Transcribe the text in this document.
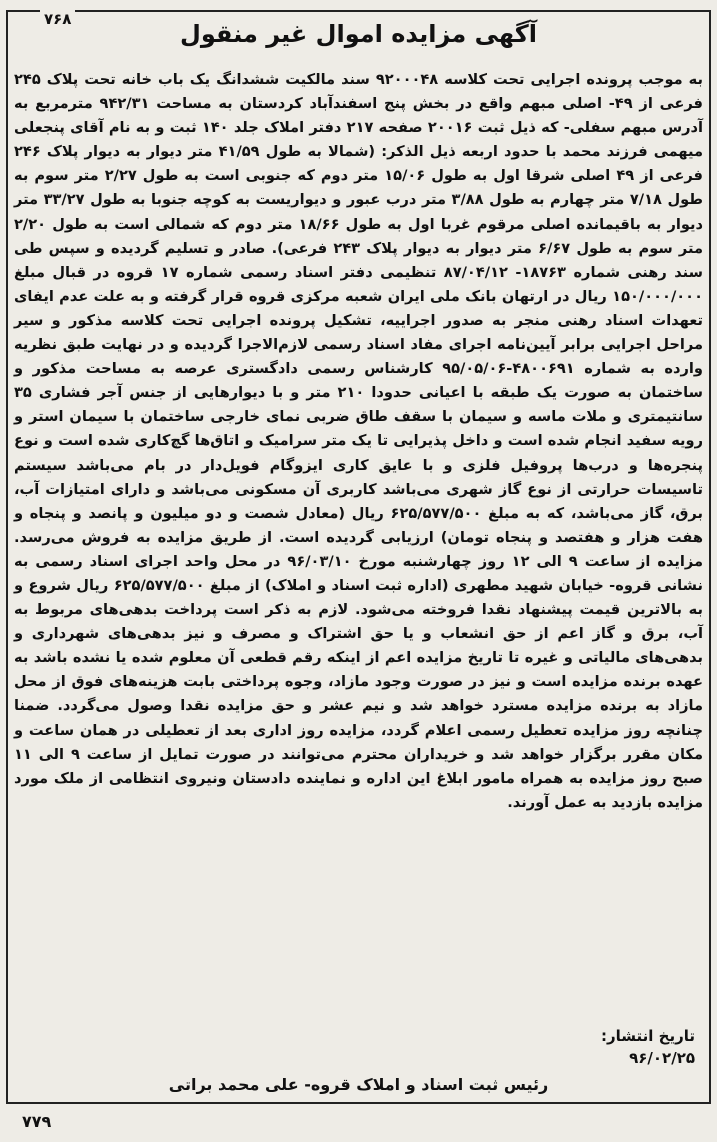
۷۶۸
آگهی مزایده اموال غیر منقول

به موجب پرونده اجرایی تحت کلاسه ۹۲۰۰۰۴۸ سند مالکیت ششدانگ یک باب خانه تحت پلاک ۲۴۵ فرعی از ۴۹- اصلی مبهم واقع در بخش پنج اسفندآباد کردستان به مساحت ۹۴۲/۳۱ مترمربع به آدرس مبهم سفلی- که ذیل ثبت ۲۰۰۱۶ صفحه ۲۱۷ دفتر املاک جلد ۱۴۰ ثبت و به نام آقای پنجعلی میهمی فرزند محمد با حدود اربعه ذیل الذکر: (شمالا به طول ۴۱/۵۹ متر دیوار به دیوار پلاک ۲۴۶ فرعی از ۴۹ اصلی شرقا اول به طول ۱۵/۰۶ متر دوم که جنوبی است به طول ۲/۲۷ متر سوم به طول ۷/۱۸ متر چهارم به طول ۳/۸۸ متر درب عبور و دیواریست به کوچه جنوبا به طول ۳۳/۲۷ متر دیوار به باقیمانده اصلی مرقوم غربا اول به طول ۱۸/۶۶ متر دوم که شمالی است به طول ۲/۲۰ متر سوم به طول ۶/۶۷ متر دیوار به دیوار پلاک ۲۴۳ فرعی). صادر و تسلیم گردیده و سپس طی سند رهنی شماره ۱۸۷۶۳- ۸۷/۰۴/۱۲ تنظیمی دفتر اسناد رسمی شماره ۱۷ قروه در قبال مبلغ ۱۵۰/۰۰۰/۰۰۰ ریال در ارتهان بانک ملی ایران شعبه مرکزی قروه قرار گرفته و به علت عدم ایفای تعهدات اسناد رهنی منجر به صدور اجراییه، تشکیل پرونده اجرایی تحت کلاسه مذکور و سیر مراحل اجرایی برابر آیین‌نامه اجرای مفاد اسناد رسمی لازم‌الاجرا گردیده و در نهایت طبق نظریه وارده به شماره ۴۸۰۰۶۹۱-۹۵/۰۵/۰۶ کارشناس رسمی دادگستری عرصه به مساحت مذکور و ساختمان به صورت یک طبقه با اعیانی حدودا ۲۱۰ متر و با دیوارهایی از جنس آجر فشاری ۳۵ سانتیمتری و ملات ماسه و سیمان با سقف طاق ضربی نمای خارجی ساختمان با سیمان استر و رویه سفید انجام شده است و داخل پذیرایی تا یک متر سرامیک و اتاق‌ها گچ‌کاری شده است و نوع پنجره‌ها و درب‌ها پروفیل فلزی و با عایق کاری ایزوگام فویل‌دار در بام می‌باشد سیستم تاسیسات حرارتی از نوع گاز شهری می‌باشد کاربری آن مسکونی می‌باشد و دارای امتیازات آب، برق، گاز می‌باشد، که به مبلغ ۶۲۵/۵۷۷/۵۰۰ ریال (معادل شصت و دو میلیون و پانصد و پنجاه و هفت هزار و هفتصد و پنجاه تومان) ارزیابی گردیده است. از طریق مزایده به فروش می‌رسد. مزایده از ساعت ۹ الی ۱۲ روز چهارشنبه مورخ ۹۶/۰۳/۱۰ در محل واحد اجرای اسناد رسمی به نشانی قروه- خیابان شهید مطهری (اداره ثبت اسناد و املاک) از مبلغ ۶۲۵/۵۷۷/۵۰۰ ریال شروع و به بالاترین قیمت پیشنهاد نقدا فروخته می‌شود. لازم به ذکر است پرداخت بدهی‌های مربوط به آب، برق و گاز اعم از حق انشعاب و یا حق اشتراک و مصرف و نیز بدهی‌های شهرداری و بدهی‌های مالیاتی و غیره تا تاریخ مزایده اعم از اینکه رقم قطعی آن معلوم شده یا نشده باشد به عهده برنده مزایده است و نیز در صورت وجود مازاد، وجوه پرداختی بابت هزینه‌های فوق از محل مازاد به برنده مزایده مسترد خواهد شد و نیم عشر و حق مزایده نقدا وصول می‌گردد. ضمنا چنانچه روز مزایده تعطیل رسمی اعلام گردد، مزایده روز اداری بعد از تعطیلی در همان ساعت و مکان مقرر برگزار خواهد شد و خریداران محترم می‌توانند در صورت تمایل از ساعت ۹ الی ۱۱ صبح روز مزایده به همراه مامور ابلاغ این اداره و نماینده دادستان ونیروی انتظامی از ملک مورد مزایده بازدید به عمل آورند.

تاریخ انتشار:
۹۶/۰۲/۲۵
رئیس ثبت اسناد و املاک قروه- علی محمد براتی
۷۷۹
